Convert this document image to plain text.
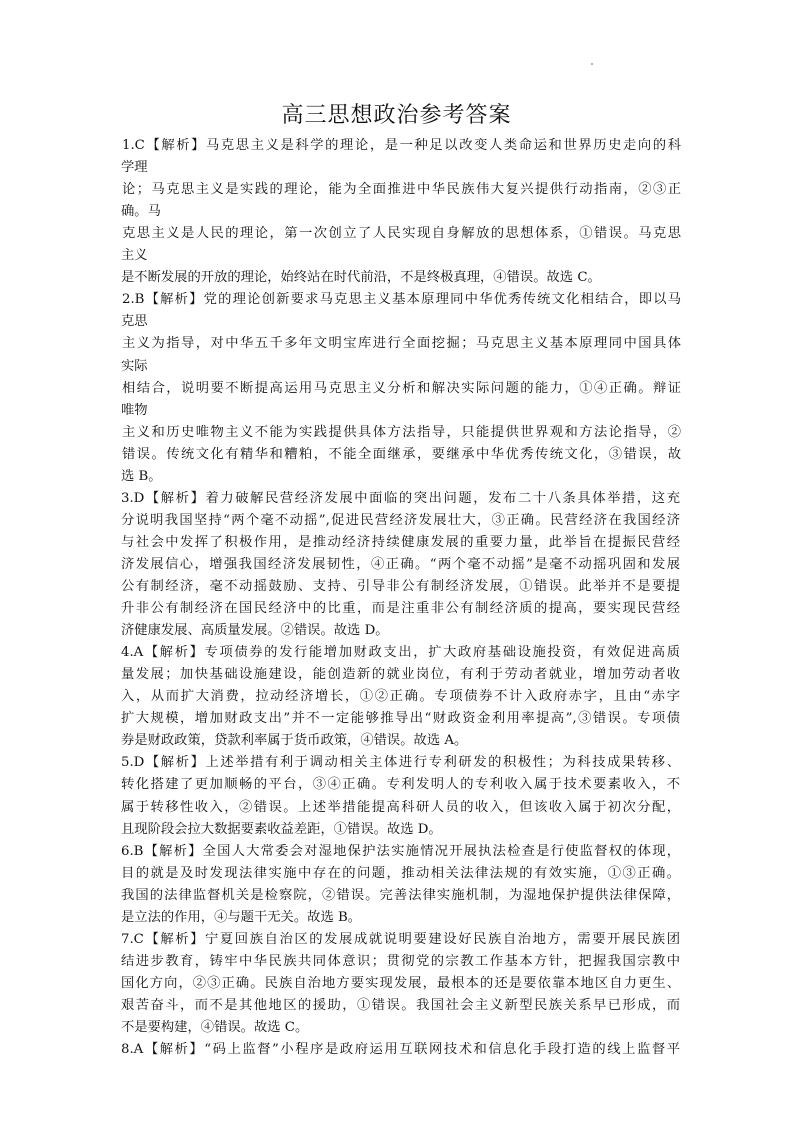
高三思想政治参考答案
1.C【解析】马克思主义是科学的理论，是一种足以改变人类命运和世界历史走向的科
学理
论；马克思主义是实践的理论，能为全面推进中华民族伟大复兴提供行动指南，②③正
确。马
克思主义是人民的理论，第一次创立了人民实现自身解放的思想体系，①错误。马克思
主义
是不断发展的开放的理论，始终站在时代前沿，不是终极真理，④错误。故选 C。
2.B【解析】党的理论创新要求马克思主义基本原理同中华优秀传统文化相结合，即以马
克思
主义为指导，对中华五千多年文明宝库进行全面挖掘；马克思主义基本原理同中国具体
实际
相结合，说明要不断提高运用马克思主义分析和解决实际问题的能力，①④正确。辩证
唯物
主义和历史唯物主义不能为实践提供具体方法指导，只能提供世界观和方法论指导，②
错误。传统文化有精华和糟粕，不能全面继承，要继承中华优秀传统文化，③错误，故
选 B。
3.D【解析】着力破解民营经济发展中面临的突出问题，发布二十八条具体举措，这充
分说明我国坚持“两个毫不动摇”,促进民营经济发展壮大，③正确。民营经济在我国经济
与社会中发挥了积极作用，是推动经济持续健康发展的重要力量，此举旨在提振民营经
济发展信心，增强我国经济发展韧性，④正确。“两个毫不动摇”是毫不动摇巩固和发展
公有制经济，毫不动摇鼓励、支持、引导非公有制经济发展，①错误。此举并不是要提
升非公有制经济在国民经济中的比重，而是注重非公有制经济质的提高，要实现民营经
济健康发展、高质量发展。②错误。故选 D。
4.A【解析】专项债券的发行能增加财政支出，扩大政府基础设施投资，有效促进高质
量发展；加快基础设施建设，能创造新的就业岗位，有利于劳动者就业，增加劳动者收
入，从而扩大消费，拉动经济增长，①②正确。专项债券不计入政府赤字，且由“赤字
扩大规模，增加财政支出”并不一定能够推导出“财政资金利用率提高”,③错误。专项债
券是财政政策，贷款利率属于货币政策，④错误。故选 A。
5.D【解析】上述举措有利于调动相关主体进行专利研发的积极性；为科技成果转移、
转化搭建了更加顺畅的平台，③④正确。专利发明人的专利收入属于技术要素收入，不
属于转移性收入，②错误。上述举措能提高科研人员的收入，但该收入属于初次分配，
且现阶段会拉大数据要素收益差距，①错误。故选 D。
6.B【解析】全国人大常委会对湿地保护法实施情况开展执法检查是行使监督权的体现，
目的就是及时发现法律实施中存在的问题，推动相关法律法规的有效实施，①③正确。
我国的法律监督机关是检察院，②错误。完善法律实施机制，为湿地保护提供法律保障，
是立法的作用，④与题干无关。故选 B。
7.C【解析】宁夏回族自治区的发展成就说明要建设好民族自治地方，需要开展民族团
结进步教育，铸牢中华民族共同体意识；贯彻党的宗教工作基本方针，把握我国宗教中
国化方向，②③正确。民族自治地方要实现发展，最根本的还是要依靠本地区自力更生、
艰苦奋斗，而不是其他地区的援助，①错误。我国社会主义新型民族关系早已形成，而
不是要构建，④错误。故选 C。
8.A【解析】“码上监督”小程序是政府运用互联网技术和信息化手段打造的线上监督平
